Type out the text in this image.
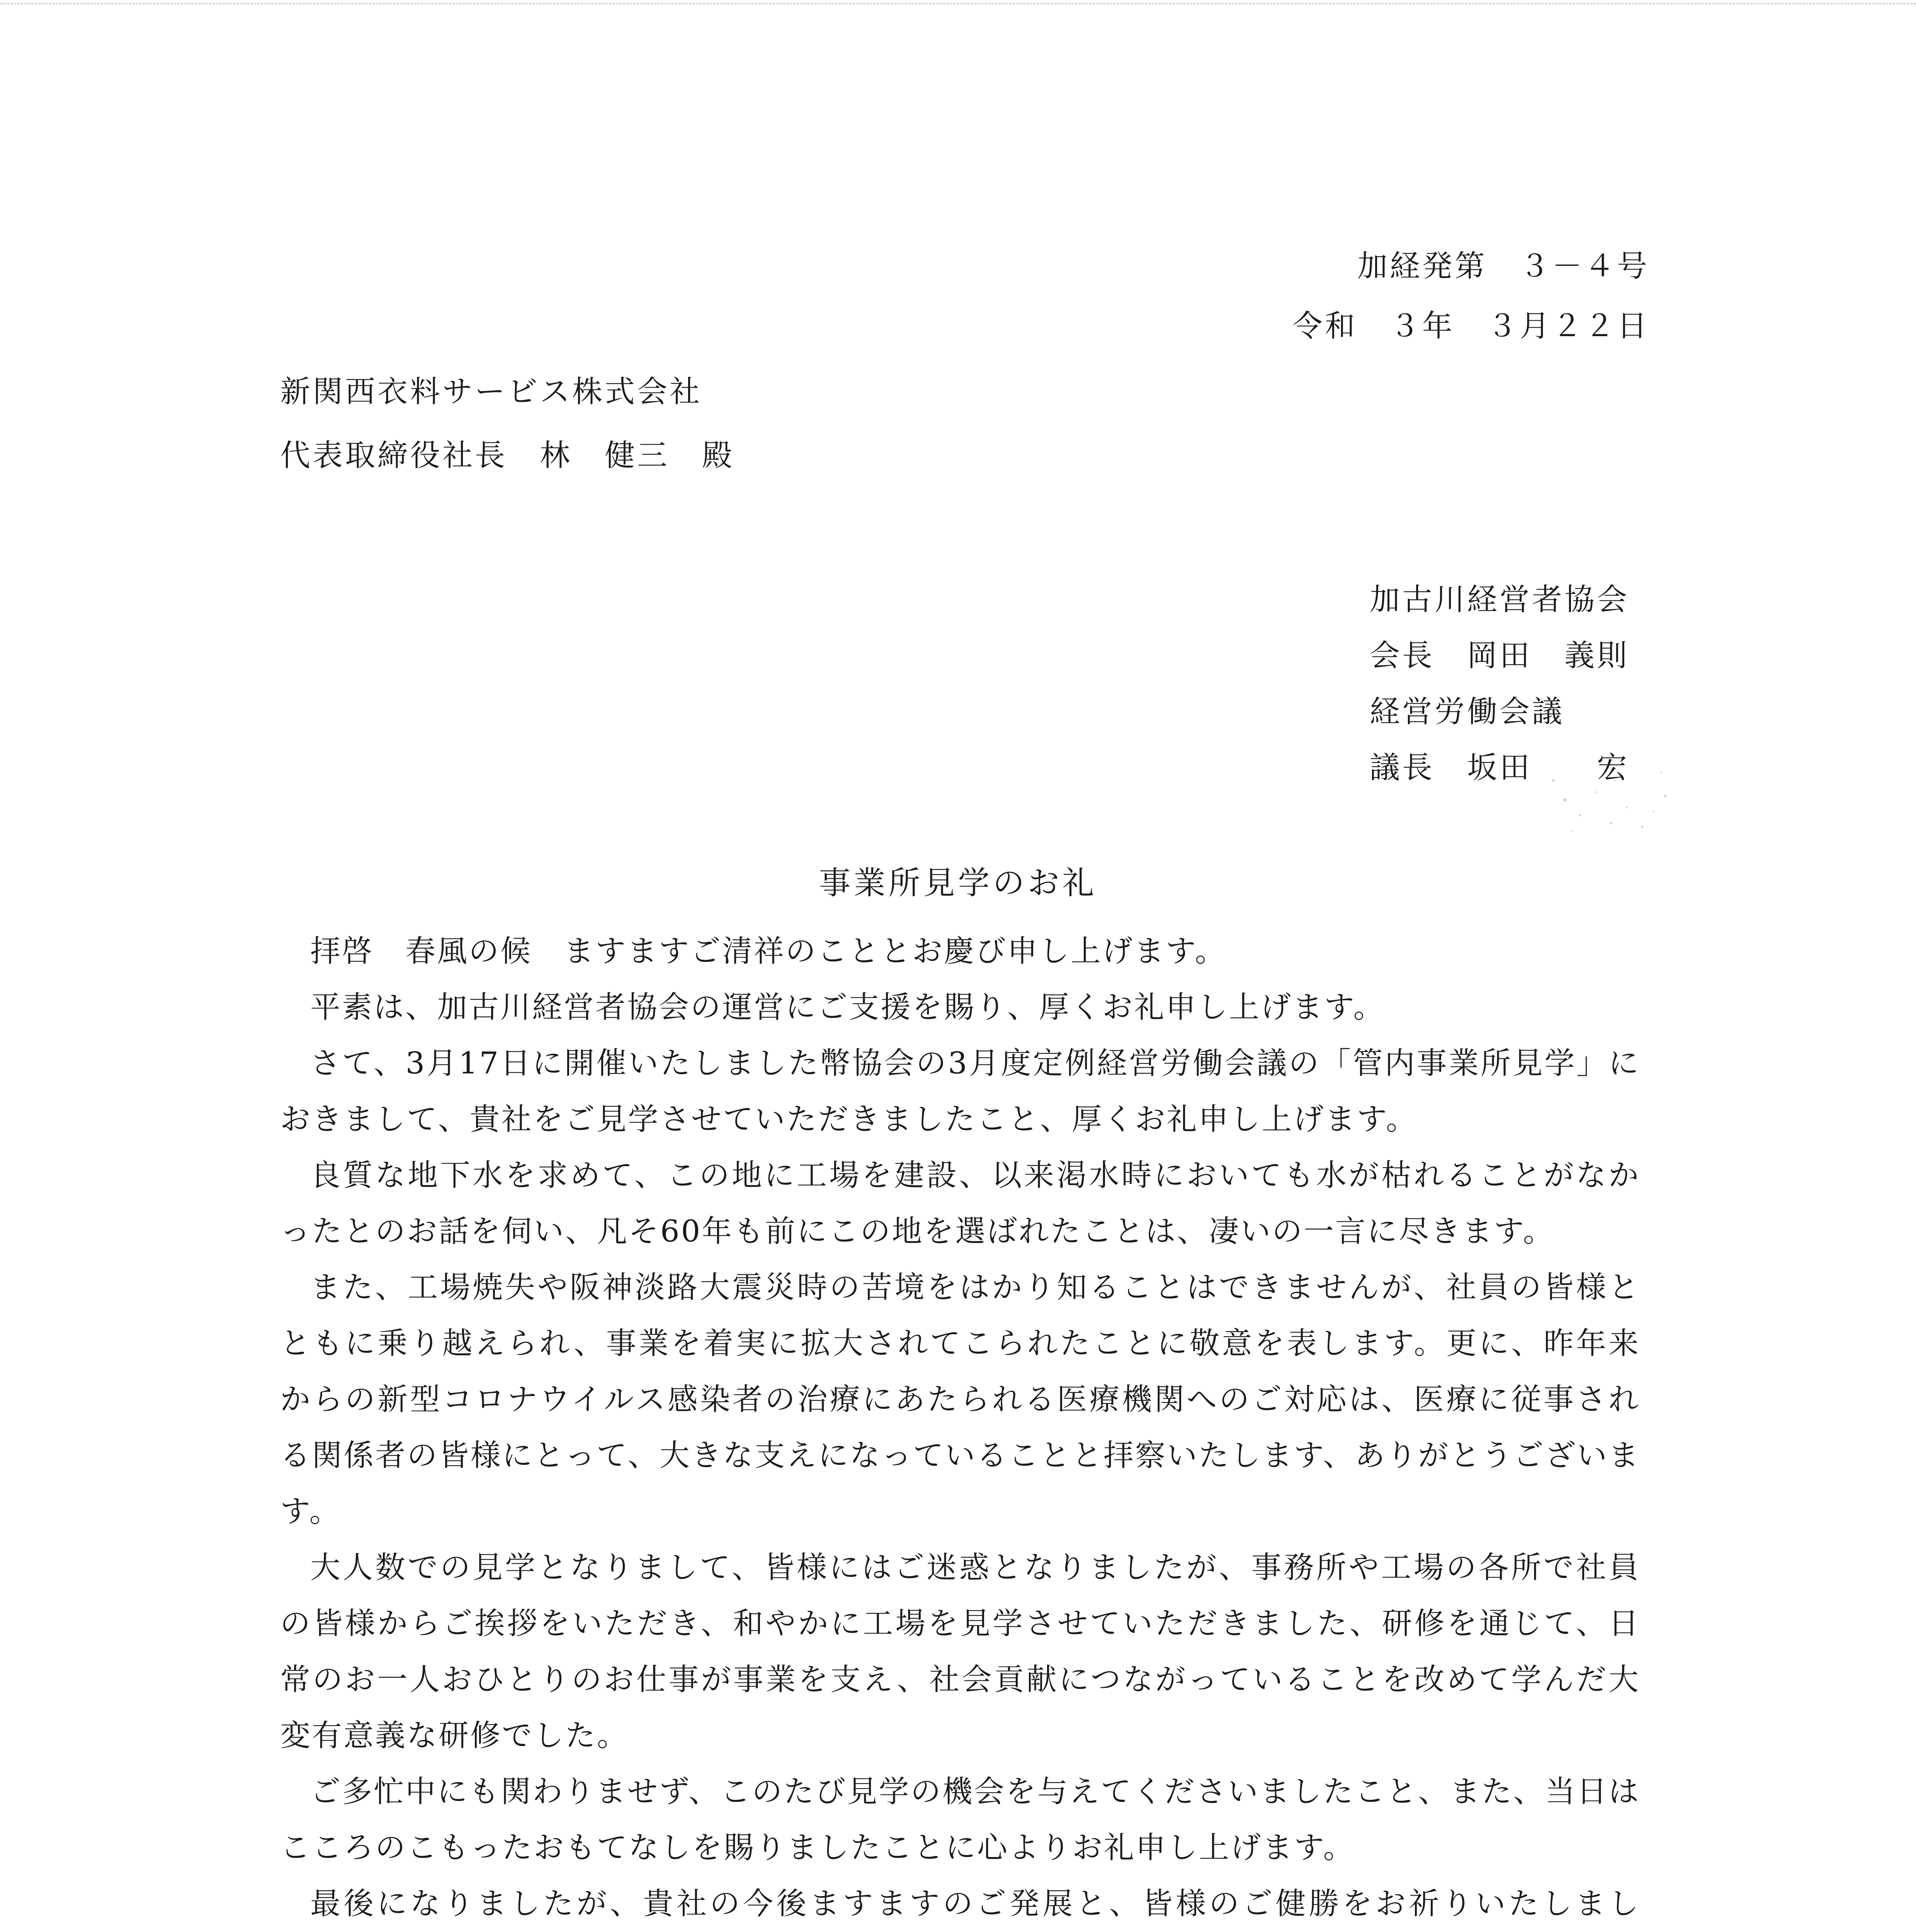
加経発第　３－４号
令和　３年　３月２２日
新関西衣料サービス株式会社
代表取締役社長　林　健三　殿
加古川経営者協会
会長　岡田　義則
経営労働会議
議長　坂田　　宏
事業所見学のお礼

拝啓　春風の候　ますますご清祥のこととお慶び申し上げます。

平素は、加古川経営者協会の運営にご支援を賜り、厚くお礼申し上げます。

さて、3月17日に開催いたしました幣協会の3月度定例経営労働会議の「管内事業所見学」におきまして、貴社をご見学させていただきましたこと、厚くお礼申し上げます。

良質な地下水を求めて、この地に工場を建設、以来渇水時においても水が枯れることがなかったとのお話を伺い、凡そ60年も前にこの地を選ばれたことは、凄いの一言に尽きます。

また、工場焼失や阪神淡路大震災時の苦境をはかり知ることはできませんが、社員の皆様とともに乗り越えられ、事業を着実に拡大されてこられたことに敬意を表します。更に、昨年来からの新型コロナウイルス感染者の治療にあたられる医療機関へのご対応は、医療に従事される関係者の皆様にとって、大きな支えになっていることと拝察いたします、ありがとうございます。

大人数での見学となりまして、皆様にはご迷惑となりましたが、事務所や工場の各所で社員の皆様からご挨拶をいただき、和やかに工場を見学させていただきました、研修を通じて、日常のお一人おひとりのお仕事が事業を支え、社会貢献につながっていることを改めて学んだ大変有意義な研修でした。

ご多忙中にも関わりませず、このたび見学の機会を与えてくださいましたこと、また、当日はこころのこもったおもてなしを賜りましたことに心よりお礼申し上げます。

最後になりましたが、貴社の今後ますますのご発展と、皆様のご健勝をお祈りいたしまし
